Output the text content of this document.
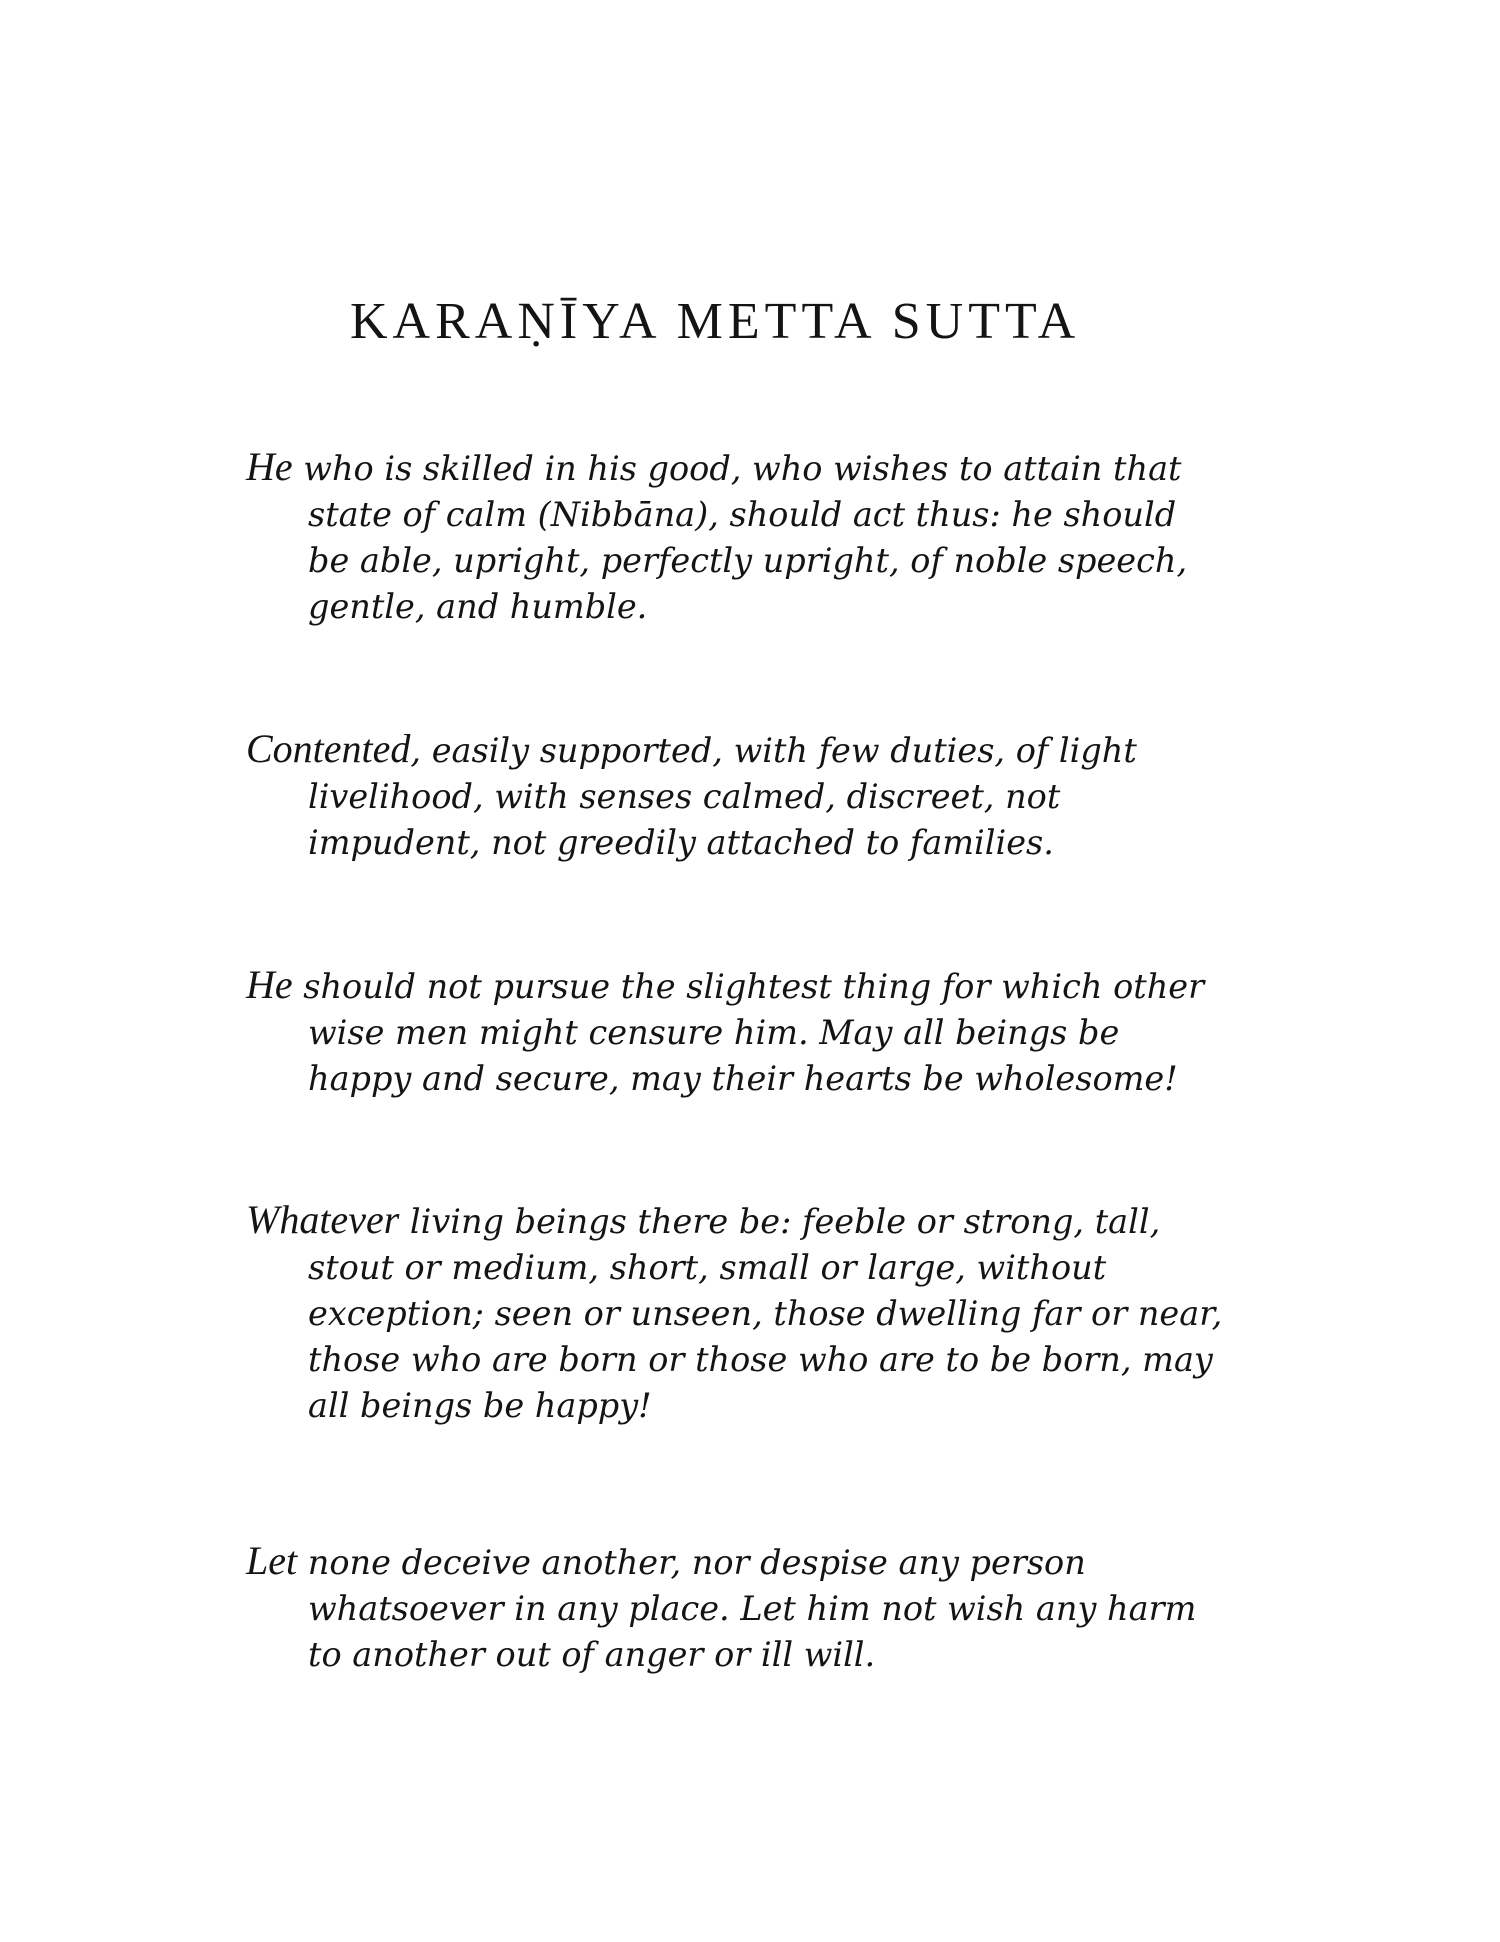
KARAṆĪYA METTA SUTTA

He who is skilled in his good, who wishes to attain that
state of calm (Nibbāna), should act thus: he should
be able, upright, perfectly upright, of noble speech,
gentle, and humble.

Contented, easily supported, with few duties, of light
livelihood, with senses calmed, discreet, not
impudent, not greedily attached to families.

He should not pursue the slightest thing for which other
wise men might censure him. May all beings be
happy and secure, may their hearts be wholesome!

Whatever living beings there be: feeble or strong, tall,
stout or medium, short, small or large, without
exception; seen or unseen, those dwelling far or near,
those who are born or those who are to be born, may
all beings be happy!

Let none deceive another, nor despise any person
whatsoever in any place. Let him not wish any harm
to another out of anger or ill will.
